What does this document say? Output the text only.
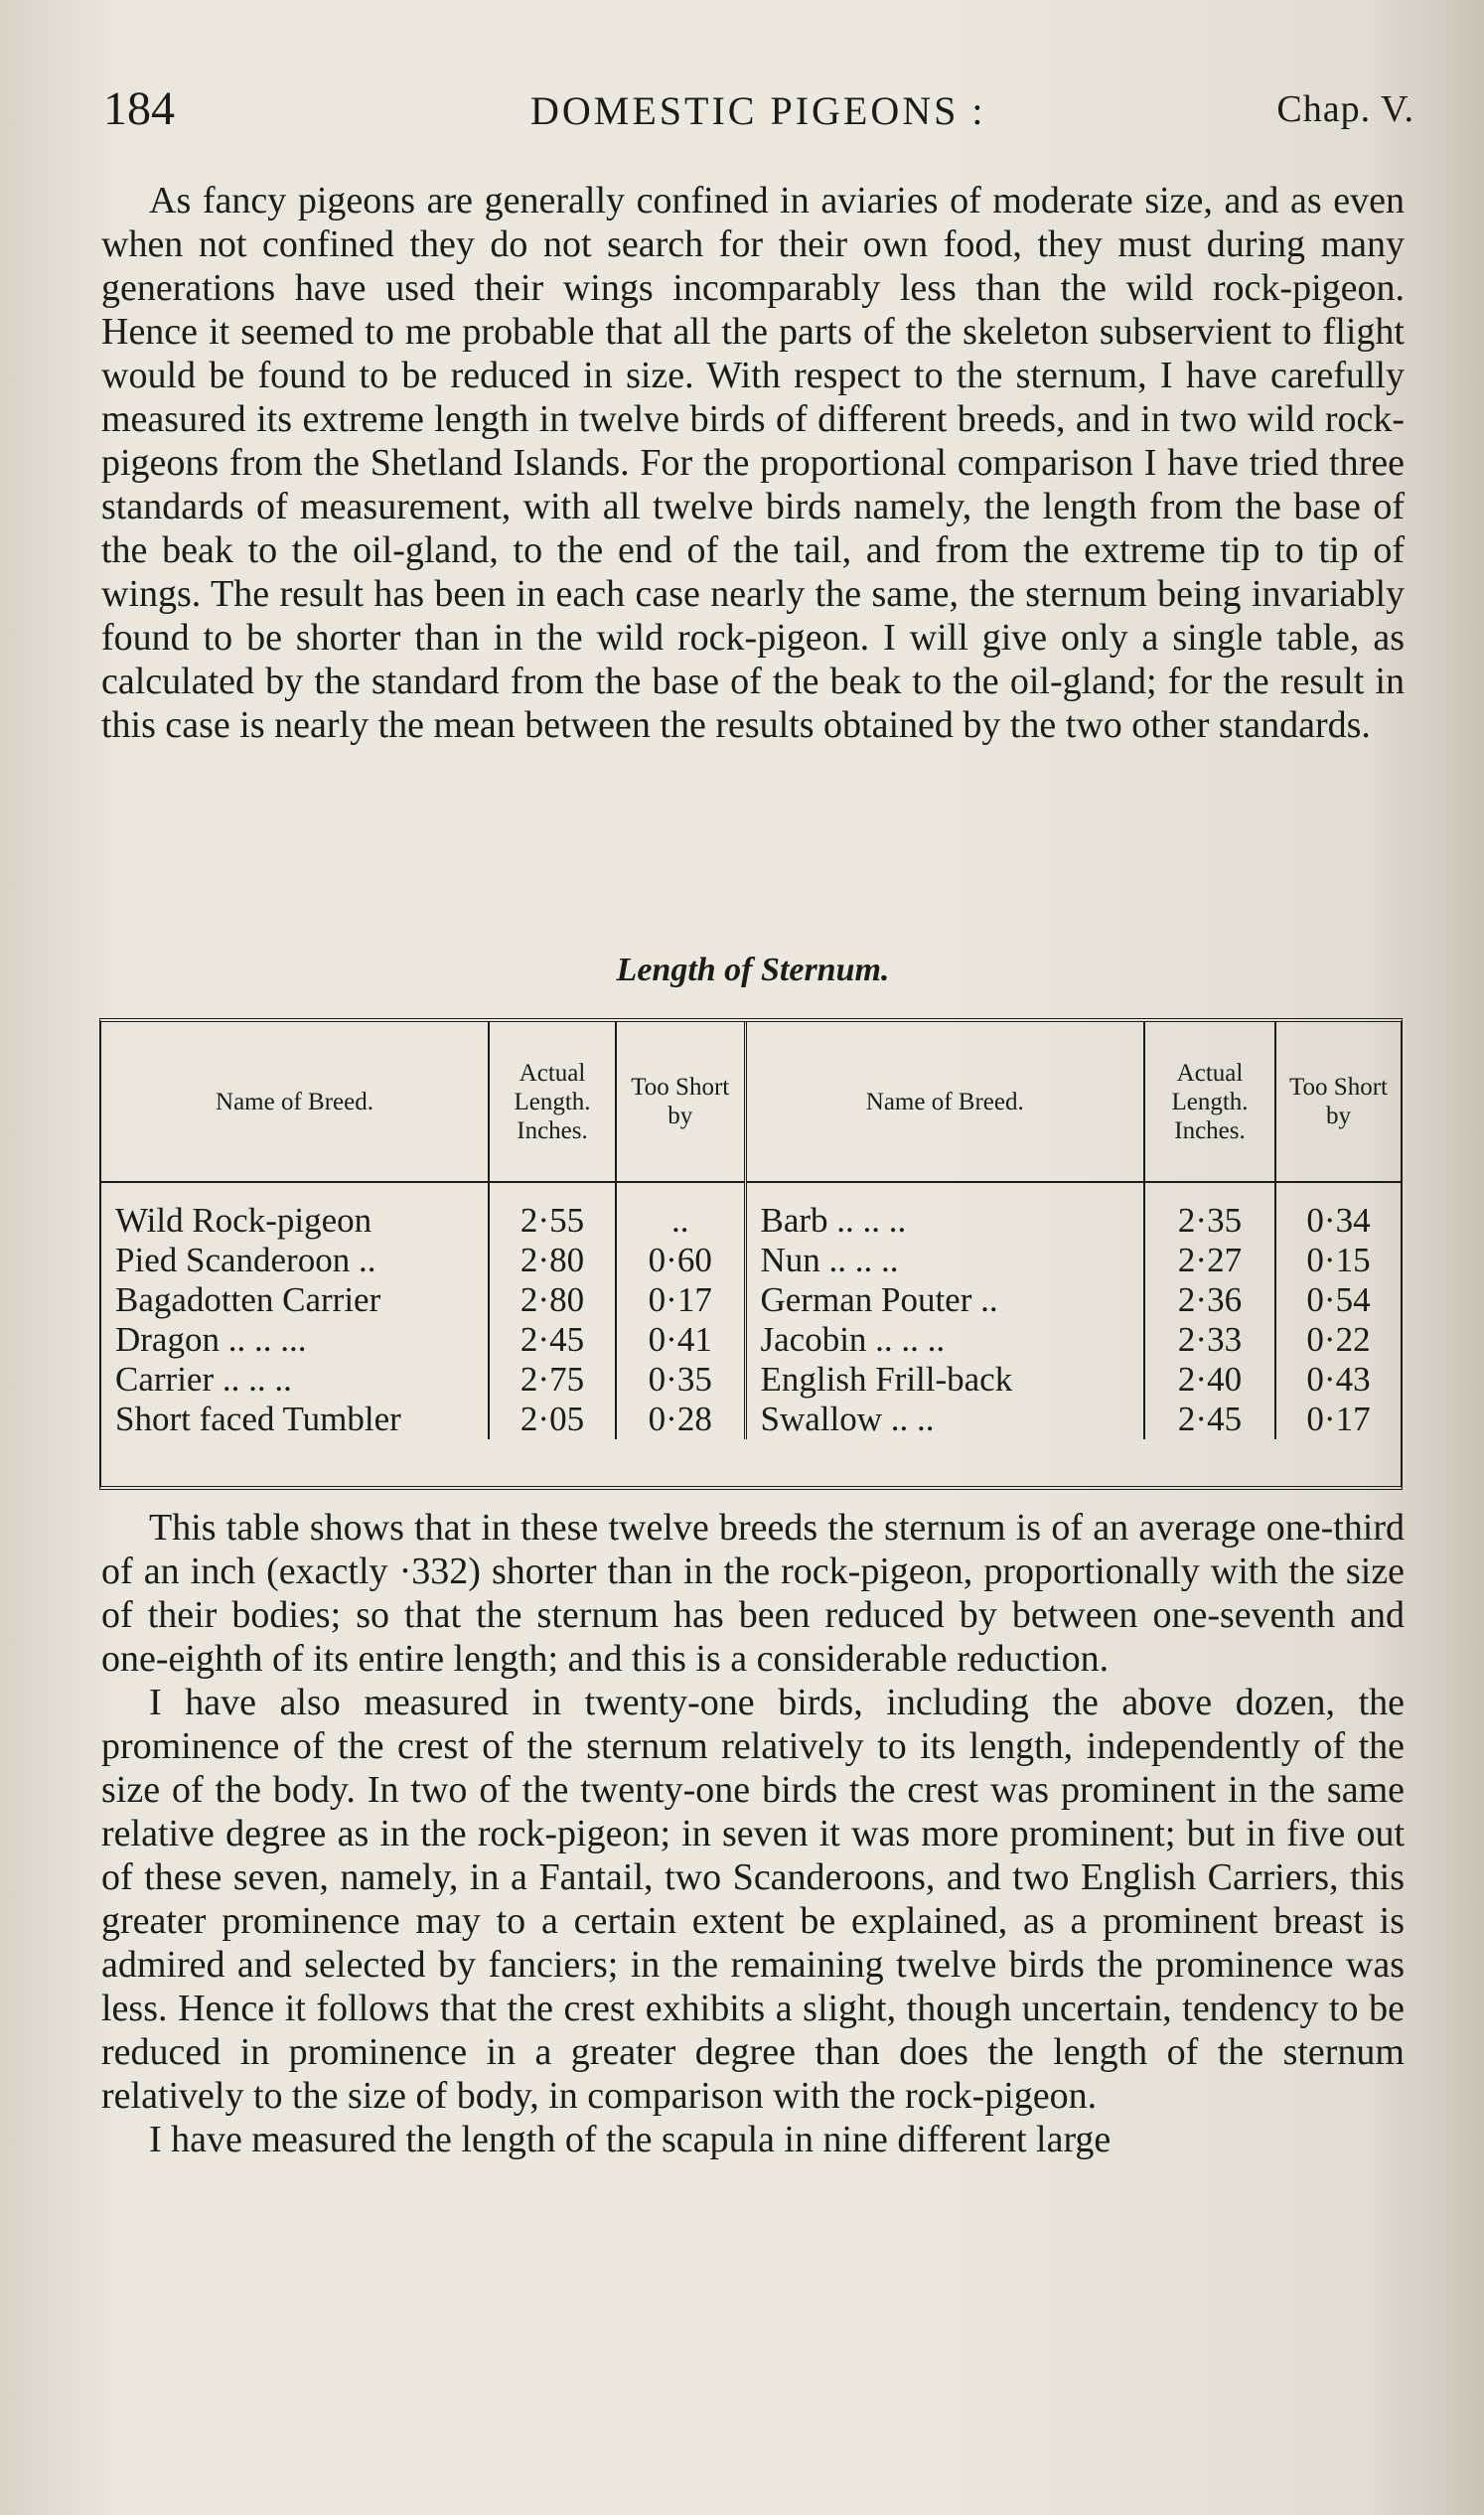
184	DOMESTIC PIGEONS :	Chap. V.

As fancy pigeons are generally confined in aviaries of moderate size, and as even when not confined they do not search for their own food, they must during many generations have used their wings incomparably less than the wild rock-pigeon. Hence it seemed to me probable that all the parts of the skeleton subservient to flight would be found to be reduced in size. With respect to the sternum, I have carefully measured its extreme length in twelve birds of different breeds, and in two wild rock-pigeons from the Shetland Islands. For the proportional comparison I have tried three standards of measurement, with all twelve birds namely, the length from the base of the beak to the oil-gland, to the end of the tail, and from the extreme tip to tip of wings. The result has been in each case nearly the same, the sternum being invariably found to be shorter than in the wild rock-pigeon. I will give only a single table, as calculated by the standard from the base of the beak to the oil-gland; for the result in this case is nearly the mean between the results obtained by the two other standards.

Length of Sternum.
Name of Breed.	Actual Length. Inches.	Too Short by	Name of Breed.	Actual Length. Inches.	Too Short by
Wild Rock-pigeon	2·55	..	Barb .. .. ..	2·35	0·34
Pied Scanderoon ..	2·80	0·60	Nun .. .. ..	2·27	0·15
Bagadotten Carrier	2·80	0·17	German Pouter ..	2·36	0·54
Dragon .. .. ...	2·45	0·41	Jacobin .. .. ..	2·33	0·22
Carrier .. .. ..	2·75	0·35	English Frill-back	2·40	0·43
Short faced Tumbler	2·05	0·28	Swallow .. ..	2·45	0·17

This table shows that in these twelve breeds the sternum is of an average one-third of an inch (exactly ·332) shorter than in the rock-pigeon, proportionally with the size of their bodies; so that the sternum has been reduced by between one-seventh and one-eighth of its entire length; and this is a considerable reduction.

I have also measured in twenty-one birds, including the above dozen, the prominence of the crest of the sternum relatively to its length, independently of the size of the body. In two of the twenty-one birds the crest was prominent in the same relative degree as in the rock-pigeon; in seven it was more prominent; but in five out of these seven, namely, in a Fantail, two Scanderoons, and two English Carriers, this greater prominence may to a certain extent be explained, as a prominent breast is admired and selected by fanciers; in the remaining twelve birds the prominence was less. Hence it follows that the crest exhibits a slight, though uncertain, tendency to be reduced in prominence in a greater degree than does the length of the sternum relatively to the size of body, in comparison with the rock-pigeon.

I have measured the length of the scapula in nine different large
